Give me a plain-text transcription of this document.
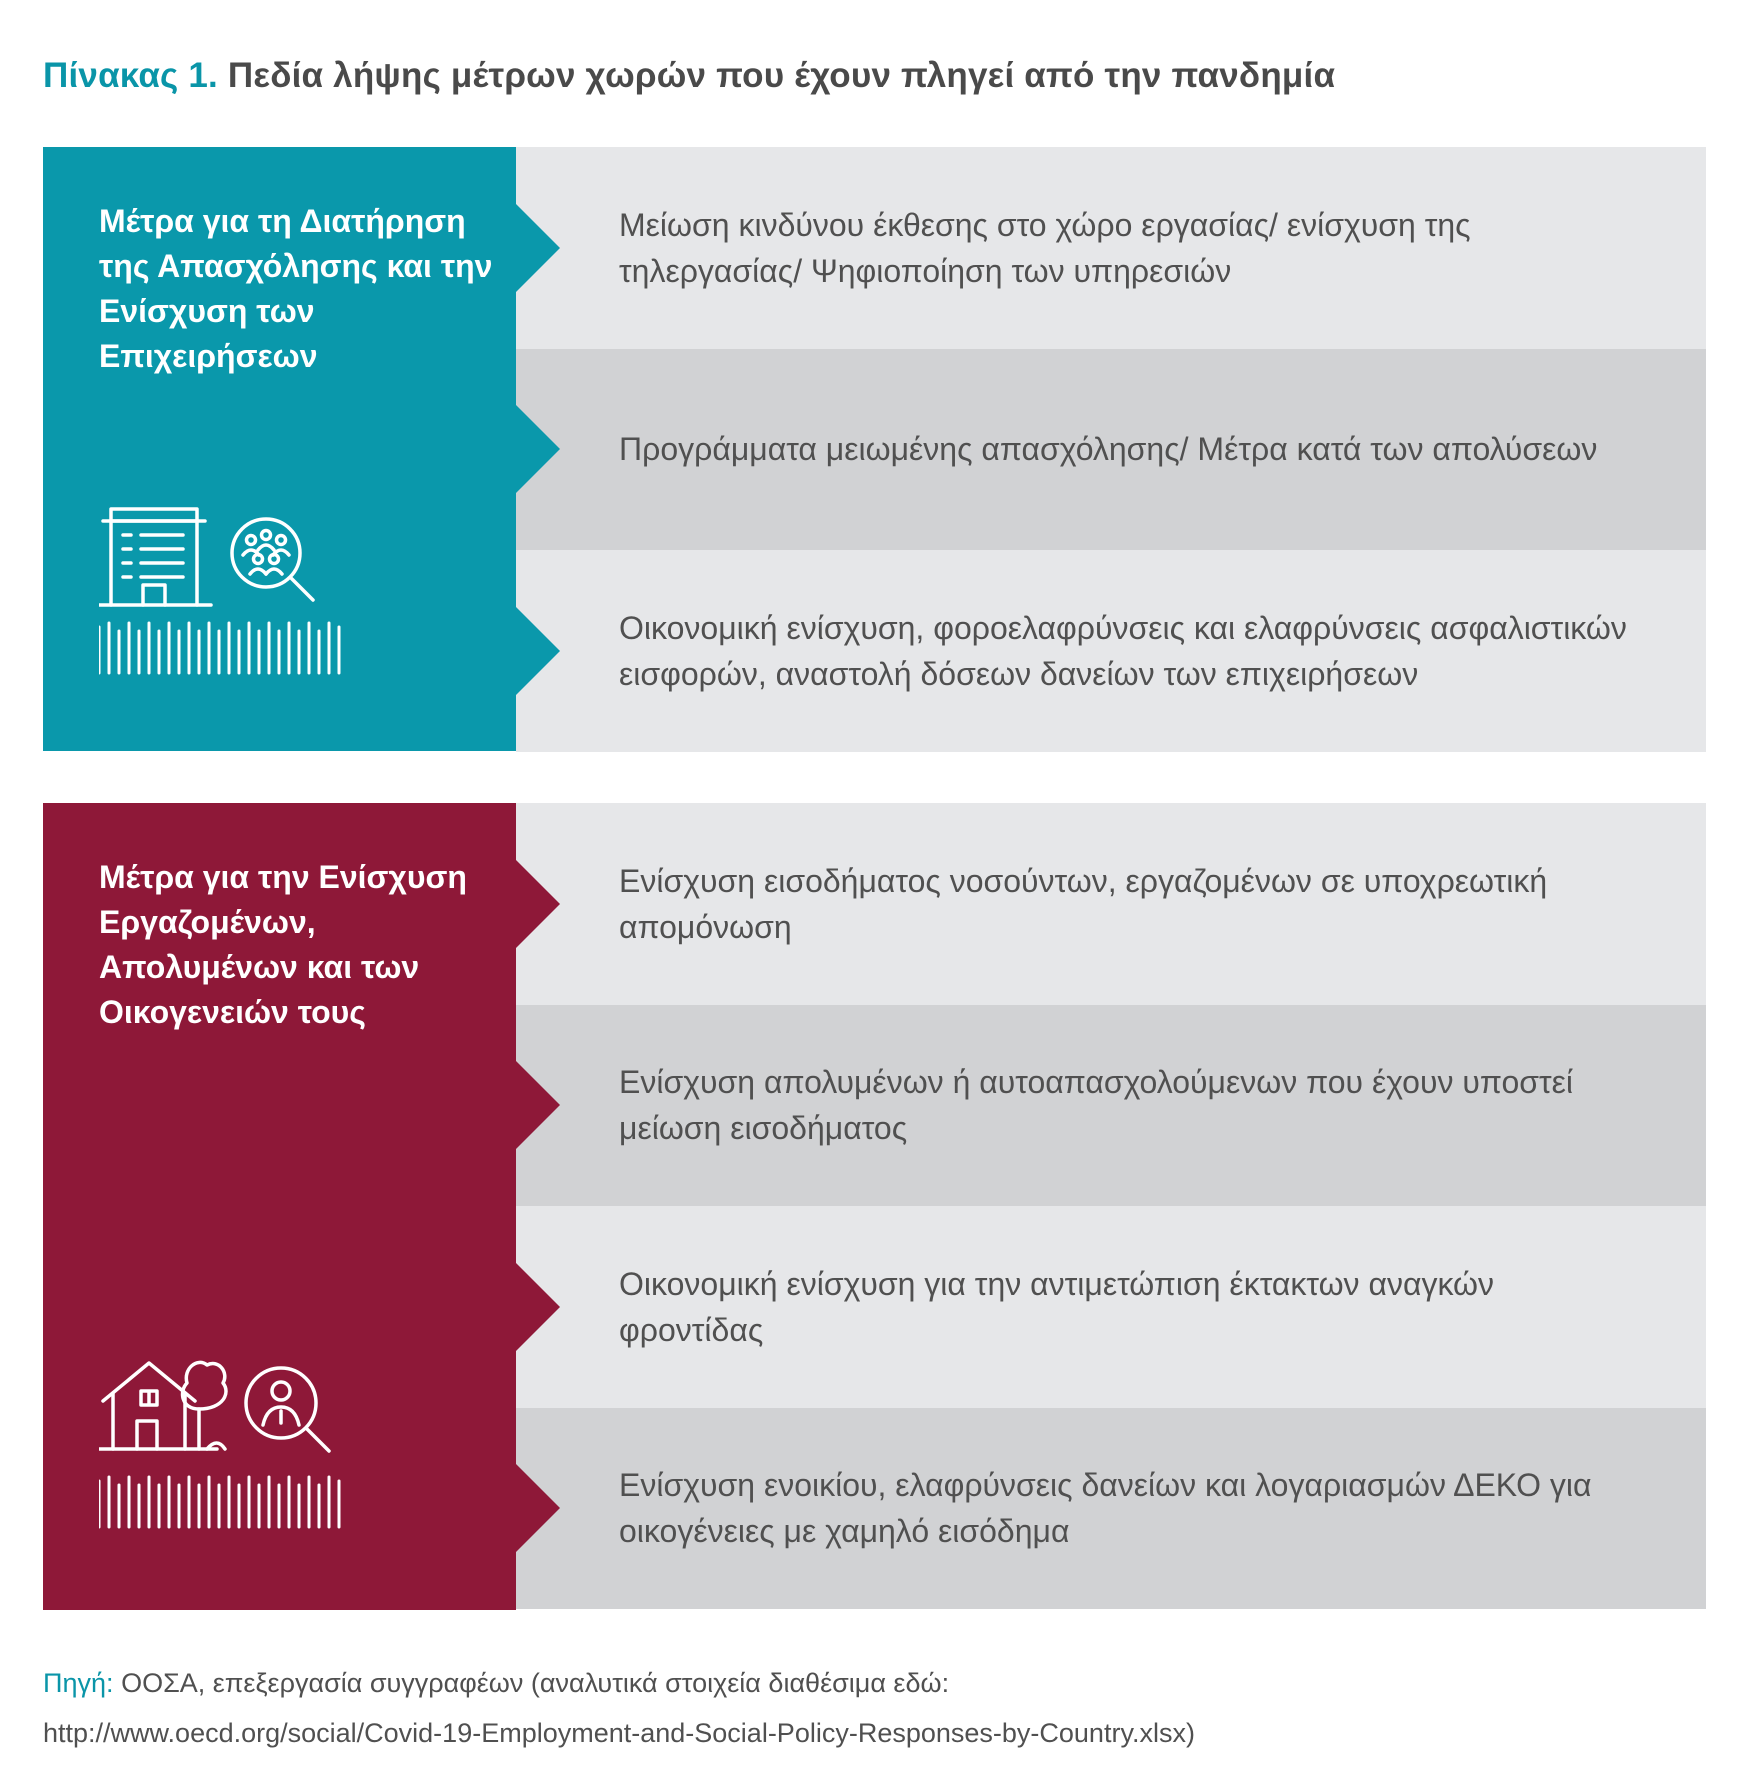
Πίνακας 1. Πεδία λήψης μέτρων χωρών που έχουν πληγεί από την πανδημία
Μέτρα για τη Διατήρηση της Απασχόλησης και την Ενίσχυση των Επιχειρήσεων
Μείωση κινδύνου έκθεσης στο χώρο εργασίας/ ενίσχυση της τηλεργασίας/ Ψηφιοποίηση των υπηρεσιών
Προγράμματα μειωμένης απασχόλησης/ Μέτρα κατά των απολύσεων
Οικονομική ενίσχυση, φοροελαφρύνσεις και ελαφρύνσεις ασφαλιστικών εισφορών, αναστολή δόσεων δανείων των επιχειρήσεων
Μέτρα για την Ενίσχυση Εργαζομένων, Απολυμένων και των Οικογενειών τους
Ενίσχυση εισοδήματος νοσούντων, εργαζομένων σε υποχρεωτική απομόνωση
Ενίσχυση απολυμένων ή αυτοαπασχολούμενων που έχουν υποστεί μείωση εισοδήματος
Οικονομική ενίσχυση για την αντιμετώπιση έκτακτων αναγκών φροντίδας
Ενίσχυση ενοικίου, ελαφρύνσεις δανείων και λογαριασμών ΔΕΚΟ για οικογένειες με χαμηλό εισόδημα

Πηγή: ΟΟΣΑ, επεξεργασία συγγραφέων (αναλυτικά στοιχεία διαθέσιμα εδώ:
http://www.oecd.org/social/Covid-19-Employment-and-Social-Policy-Responses-by-Country.xlsx)
